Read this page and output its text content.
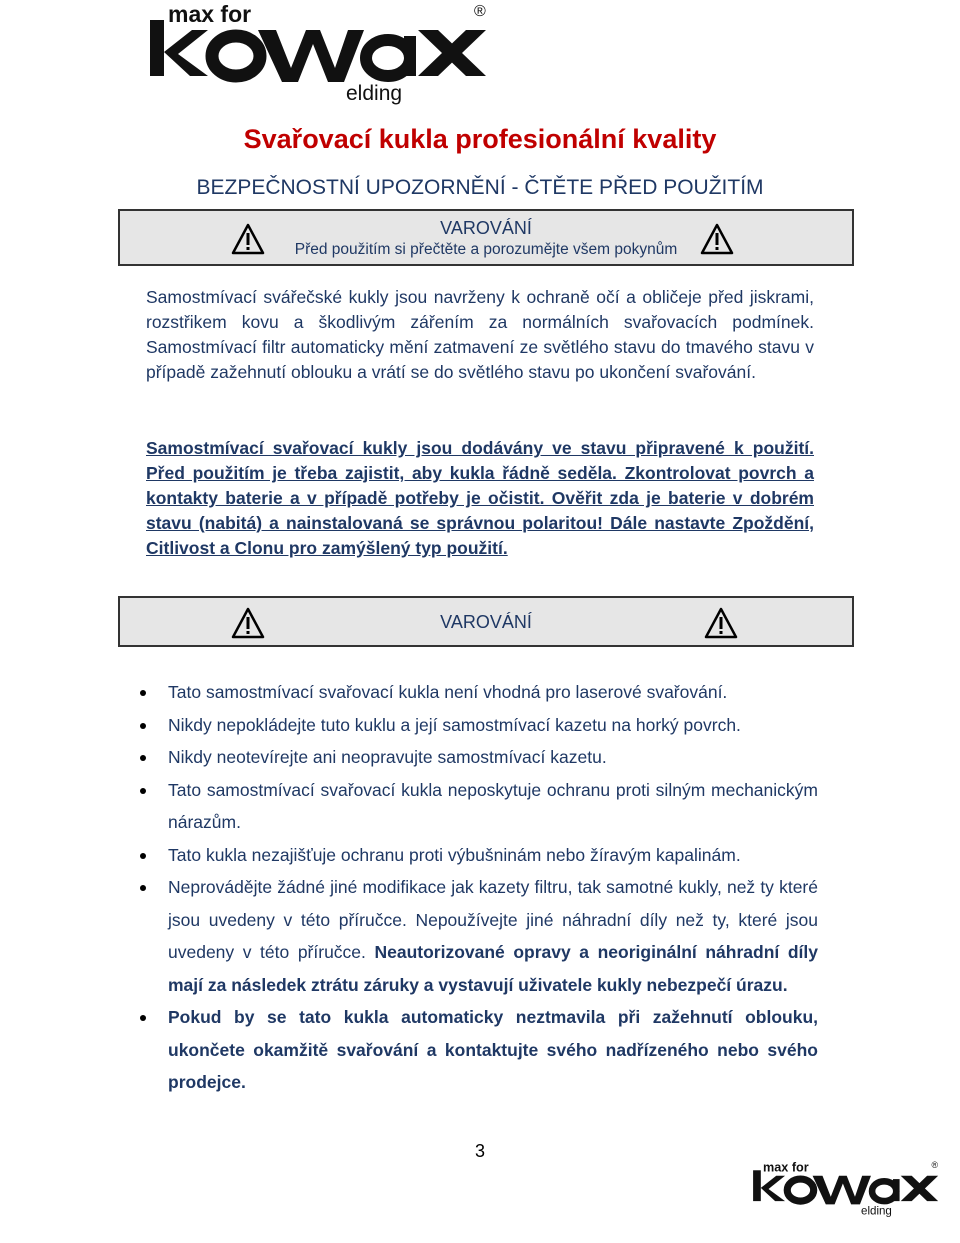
max for	®
elding
Svařovací kukla profesionální kvality
BEZPEČNOSTNÍ UPOZORNĚNÍ - ČTĚTE PŘED POUŽITÍM
VAROVÁNÍ
Před použitím si přečtěte a porozumějte všem pokynům
Samostmívací svářečské kukly jsou navrženy k ochraně očí a obličeje před jiskrami, rozstřikem kovu a škodlivým zářením za normálních svařovacích podmínek. Samostmívací filtr automaticky mění zatmavení ze světlého stavu do tmavého stavu v případě zažehnutí oblouku a vrátí se do světlého stavu po ukončení svařování.
Samostmívací svařovací kukly jsou dodávány ve stavu připravené k použití. Před použitím je třeba zajistit, aby kukla řádně seděla. Zkontrolovat povrch a kontakty baterie a v případě potřeby je očistit. Ověřit zda je baterie v dobrém stavu (nabitá) a nainstalovaná se správnou polaritou! Dále nastavte Zpoždění, Citlivost a Clonu pro zamýšlený typ použití.
VAROVÁNÍ
Tato samostmívací svařovací kukla není vhodná pro laserové svařování.
Nikdy nepokládejte tuto kuklu a její samostmívací kazetu na horký povrch.
Nikdy neotevírejte ani neopravujte samostmívací kazetu.
Tato samostmívací svařovací kukla neposkytuje ochranu proti silným mechanickým nárazům.
Tato kukla nezajišťuje ochranu proti výbušninám nebo žíravým kapalinám.
Neprovádějte žádné jiné modifikace jak kazety filtru, tak samotné kukly, než ty které jsou uvedeny v této příručce. Nepoužívejte jiné náhradní díly než ty, které jsou uvedeny v této příručce. Neautorizované opravy a neoriginální náhradní díly mají za následek ztrátu záruky a vystavují uživatele kukly nebezpečí úrazu.
Pokud by se tato kukla automaticky neztmavila při zažehnutí oblouku, ukončete okamžitě svařování a kontaktujte svého nadřízeného nebo svého prodejce.
3
max for	®
elding
